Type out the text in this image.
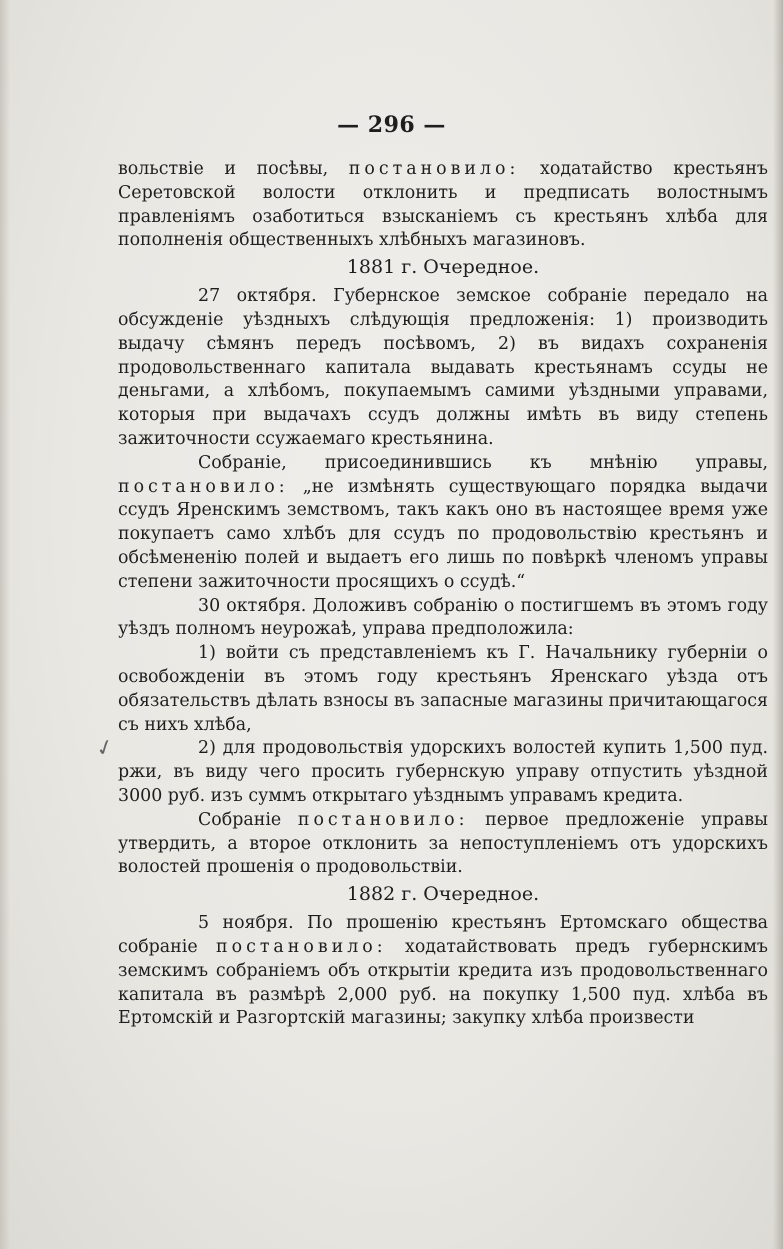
— 296 —
✓

вольствіе и посѣвы, постановило: ходатайство крестьянъ Серетовской волости отклонить и предписать волостнымъ правленіямъ озаботиться взысканіемъ съ крестьянъ хлѣба для пополненія общественныхъ хлѣбныхъ магазиновъ.

1881 г. Очередное.

27 октября. Губернское земское собраніе передало на обсужденіе уѣздныхъ слѣдующія предложенія: 1) производить выдачу сѣмянъ передъ посѣвомъ, 2) въ видахъ сохраненія продовольственнаго капитала выдавать крестьянамъ ссуды не деньгами, а хлѣбомъ, покупаемымъ самими уѣздными управами, которыя при выдачахъ ссудъ должны имѣть въ виду степень зажиточности ссужаемаго крестьянина.

Собраніе, присоединившись къ мнѣнію управы, постановило: „не измѣнять существующаго порядка выдачи ссудъ Яренскимъ земствомъ, такъ какъ оно въ настоящее время уже покупаетъ само хлѣбъ для ссудъ по продовольствію крестьянъ и обсѣмененію полей и выдаетъ его лишь по повѣркѣ членомъ управы степени зажиточности просящихъ о ссудѣ.“

30 октября. Доложивъ собранію о постигшемъ въ этомъ году уѣздъ полномъ неурожаѣ, управа предположила:

1) войти съ представленіемъ къ Г. Начальнику губерніи о освобожденіи въ этомъ году крестьянъ Яренскаго уѣзда отъ обязательствъ дѣлать взносы въ запасные магазины причитающагося съ нихъ хлѣба,

2) для продовольствія удорскихъ волостей купить 1,500 пуд. ржи, въ виду чего просить губернскую управу отпустить уѣздной 3000 руб. изъ суммъ открытаго уѣзднымъ управамъ кредита.

Собраніе постановило: первое предложеніе управы утвердить, а второе отклонить за непоступленіемъ отъ удорскихъ волостей прошенія о продовольствіи.

1882 г. Очередное.

5 ноября. По прошенію крестьянъ Ертомскаго общества собраніе постановило: ходатайствовать предъ губернскимъ земскимъ собраніемъ объ открытіи кредита изъ продовольственнаго капитала въ размѣрѣ 2,000 руб. на покупку 1,500 пуд. хлѣба въ Ертомскій и Разгортскій магазины; закупку хлѣба произвести
